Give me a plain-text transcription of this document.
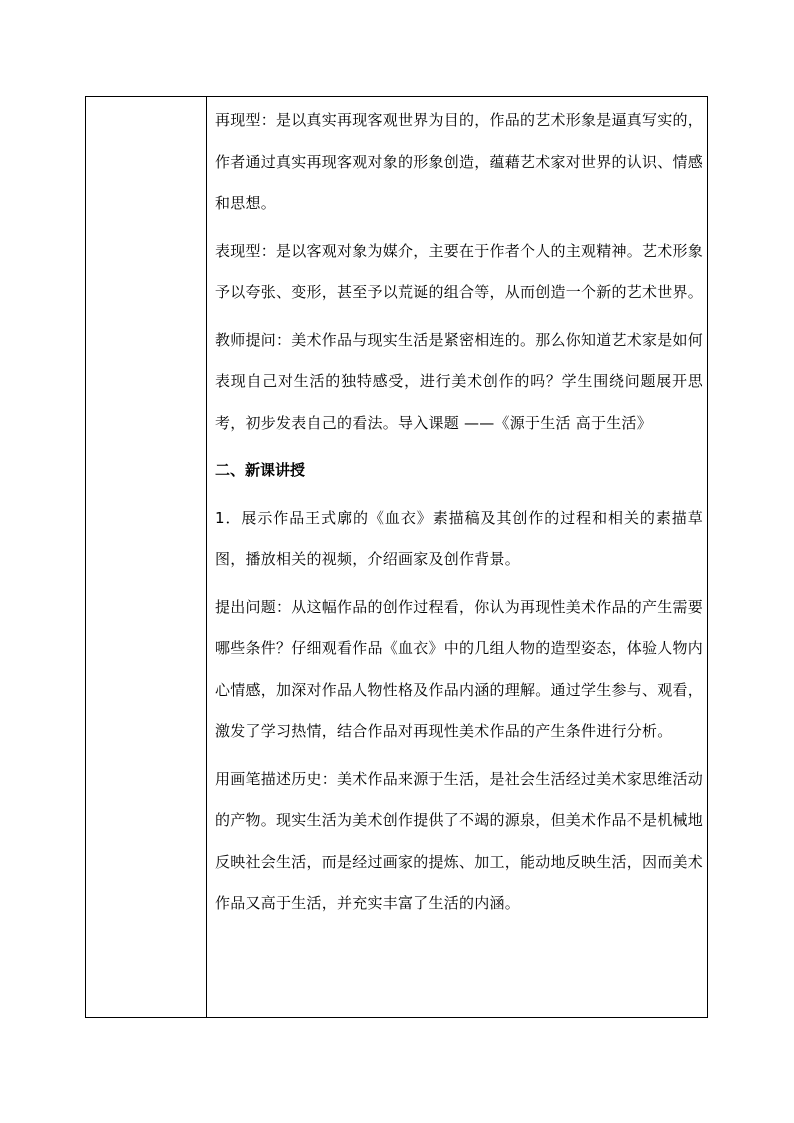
再现型：是以真实再现客观世界为目的，作品的艺术形象是逼真写实的，作者通过真实再现客观对象的形象创造，蕴藉艺术家对世界的认识、情感和思想。

表现型：是以客观对象为媒介，主要在于作者个人的主观精神。艺术形象予以夸张、变形，甚至予以荒诞的组合等，从而创造一个新的艺术世界。

教师提问：美术作品与现实生活是紧密相连的。那么你知道艺术家是如何表现自己对生活的独特感受，进行美术创作的吗？学生围绕问题展开思考，初步发表自己的看法。导入课题 ——《源于生活 高于生活》

二、新课讲授

1．展示作品王式廓的《血衣》素描稿及其创作的过程和相关的素描草图，播放相关的视频，介绍画家及创作背景。

提出问题：从这幅作品的创作过程看，你认为再现性美术作品的产生需要哪些条件？仔细观看作品《血衣》中的几组人物的造型姿态，体验人物内心情感，加深对作品人物性格及作品内涵的理解。通过学生参与、观看，激发了学习热情，结合作品对再现性美术作品的产生条件进行分析。

用画笔描述历史：美术作品来源于生活，是社会生活经过美术家思维活动的产物。现实生活为美术创作提供了不竭的源泉，但美术作品不是机械地反映社会生活，而是经过画家的提炼、加工，能动地反映生活，因而美术作品又高于生活，并充实丰富了生活的内涵。
